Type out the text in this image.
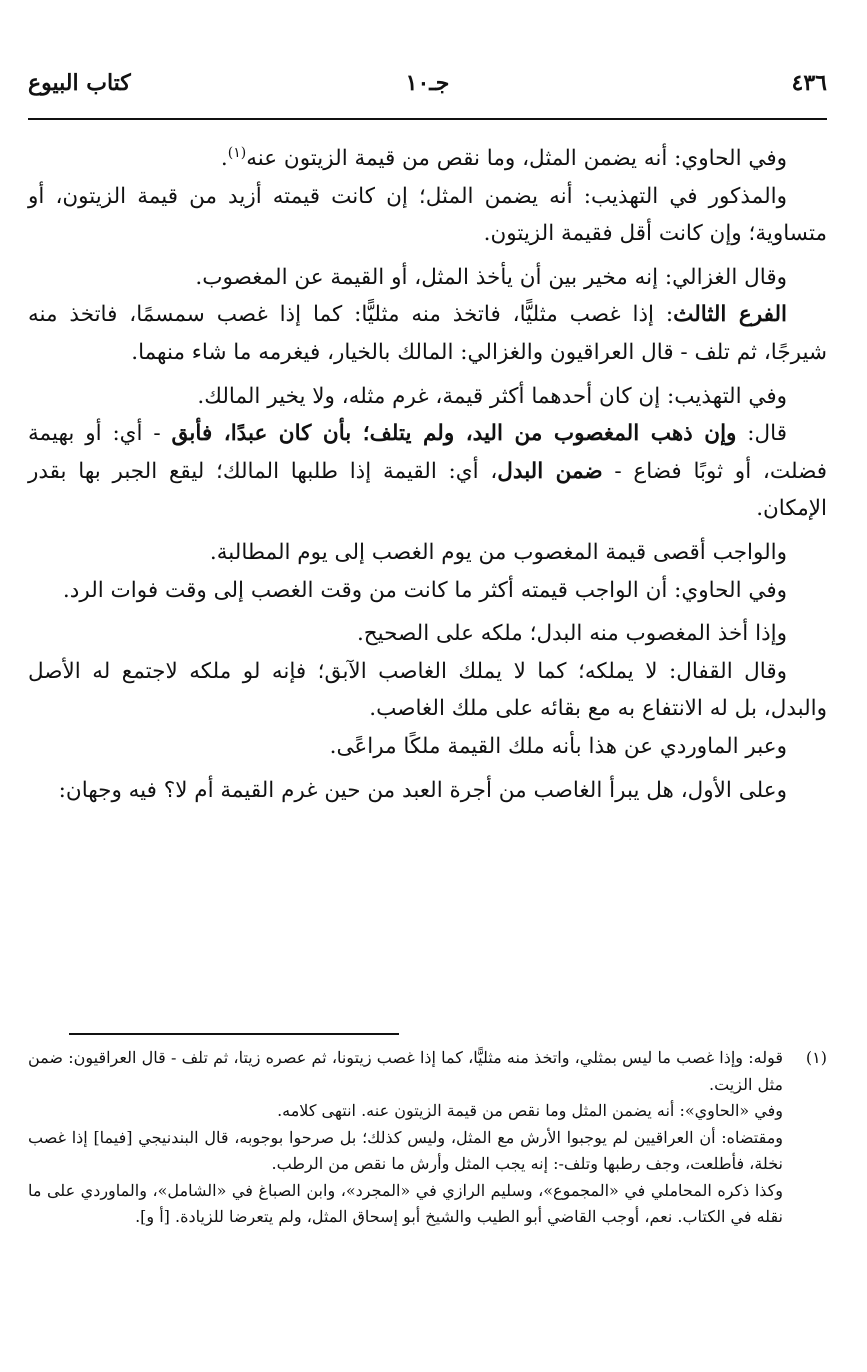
٤٣٦
جـ١٠
كتاب البيوع

وفي الحاوي: أنه يضمن المثل، وما نقص من قيمة الزيتون عنه$^{(١)}$.

والمذكور في التهذيب: أنه يضمن المثل؛ إن كانت قيمته أزيد من قيمة الزيتون، أو متساوية؛ وإن كانت أقل فقيمة الزيتون.

وقال الغزالي: إنه مخير بين أن يأخذ المثل، أو القيمة عن المغصوب.

الفرع الثالث: إذا غصب مثليًّا، فاتخذ منه مثليًّا: كما إذا غصب سمسمًا، فاتخذ منه شيرجًا، ثم تلف - قال العراقيون والغزالي: المالك بالخيار، فيغرمه ما شاء منهما.

وفي التهذيب: إن كان أحدهما أكثر قيمة، غرم مثله، ولا يخير المالك.

قال: وإن ذهب المغصوب من اليد، ولم يتلف؛ بأن كان عبدًا، فأبق - أي: أو بهيمة فضلت، أو ثوبًا فضاع - ضمن البدل، أي: القيمة إذا طلبها المالك؛ ليقع الجبر بها بقدر الإمكان.

والواجب أقصى قيمة المغصوب من يوم الغصب إلى يوم المطالبة.

وفي الحاوي: أن الواجب قيمته أكثر ما كانت من وقت الغصب إلى وقت فوات الرد.

وإذا أخذ المغصوب منه البدل؛ ملكه على الصحيح.

وقال القفال: لا يملكه؛ كما لا يملك الغاصب الآبق؛ فإنه لو ملكه لاجتمع له الأصل والبدل، بل له الانتفاع به مع بقائه على ملك الغاصب.

وعبر الماوردي عن هذا بأنه ملك القيمة ملكًا مراعًى.

وعلى الأول، هل يبرأ الغاصب من أجرة العبد من حين غرم القيمة أم لا؟ فيه وجهان:

(١)

قوله: وإذا غصب ما ليس بمثلي، واتخذ منه مثليًّا، كما إذا غصب زيتونا، ثم عصره زيتا، ثم تلف - قال العراقيون: ضمن مثل الزيت.

وفي «الحاوي»: أنه يضمن المثل وما نقص من قيمة الزيتون عنه. انتهى كلامه.

ومقتضاه: أن العراقيين لم يوجبوا الأرش مع المثل، وليس كذلك؛ بل صرحوا بوجوبه، قال البندنيجي [فيما] إذا غصب نخلة، فأطلعت، وجف رطبها وتلف-: إنه يجب المثل وأرش ما نقص من الرطب.

وكذا ذكره المحاملي في «المجموع»، وسليم الرازي في «المجرد»، وابن الصباغ في «الشامل»، والماوردي على ما نقله في الكتاب. نعم، أوجب القاضي أبو الطيب والشيخ أبو إسحاق المثل، ولم يتعرضا للزيادة. [أ و].
